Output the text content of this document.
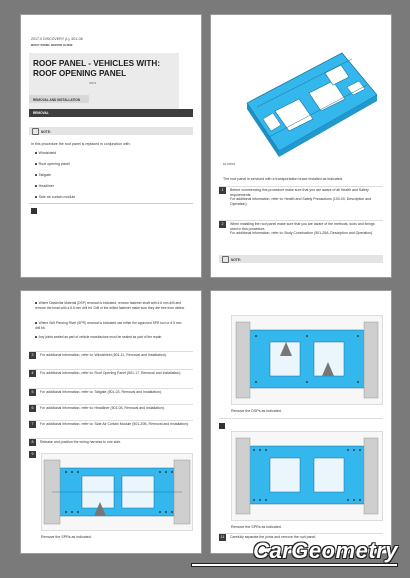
2017.0 DISCOVERY (L), 501-08
BODY PANEL REPAIR GUIDE
ROOF PANEL - VEHICLES WITH: ROOF OPENING PANEL
45674
REMOVAL AND INSTALLATION
REMOVAL
NOTE:
In this procedure the roof panel is replaced in conjunction with:
Windshield
Roof opening panel
Tailgate
Headliner
Side air curtain module
E178818
The roof panel is serviced with a transportation brace installed as indicated.
1	Before commencing this procedure make sure that you are aware of all Health and Safety requirements.
For additional information, refer to: Health and Safety Precautions (100-00, Description and Operation).
2	When installing the roof panel make sure that you are aware of the methods, tools and fixings used in this procedure.
For additional information, refer to: Body Construction (501-25A, Description and Operation).
NOTE:
Where Dissimilar Material (DSP) removal is indicated, remove fastener shaft with a 6 mm drill and remove the head with a 8.5 mm drill bit. Drill of the drilled fastener make sure they are free from debris.
Where Self Piercing Rivet (SPR) removal is indicated use either the approved SPR tool or 6.5 mm drill bit.
Any joints sealed as part of vehicle manufacture must be sealed as part of the repair.
3	For additional information, refer to: Windshield (501-11, Removal and Installation).
4	For additional information, refer to: Roof Opening Panel (501-17, Removal and Installation).
5	For additional information, refer to: Tailgate (501-03, Removal and Installation).
6	For additional information, refer to: Headliner (501-05, Removal and Installation).
7	For additional information, refer to: Side Air Curtain Module (501-20B, Removal and Installation).
8	Release and position the wiring harness to one side.
9
Remove the SPRs as indicated.
Remove the DSPs as indicated.
Remove the SPRs as indicated.
11	Carefully separate the joints and remove the roof panel.
CarGeometry
